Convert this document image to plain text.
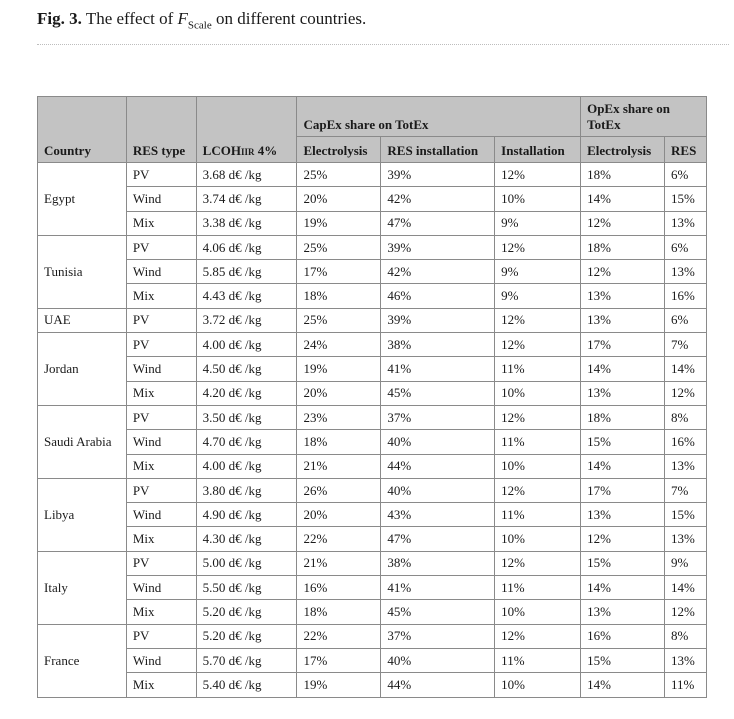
Fig. 3. The effect of $F_{Scale}$ on different countries.
Country	RES type	LCOHIIR 4%	CapEx share on TotEx			OpEx share on TotEx	
			Electrolysis	RES installation	Installation	Electrolysis	RES
Egypt	PV	3.68 d€ /kg	25%	39%	12%	18%	6%
	Wind	3.74 d€ /kg	20%	42%	10%	14%	15%
	Mix	3.38 d€ /kg	19%	47%	9%	12%	13%
Tunisia	PV	4.06 d€ /kg	25%	39%	12%	18%	6%
	Wind	5.85 d€ /kg	17%	42%	9%	12%	13%
	Mix	4.43 d€ /kg	18%	46%	9%	13%	16%
UAE	PV	3.72 d€ /kg	25%	39%	12%	13%	6%
Jordan	PV	4.00 d€ /kg	24%	38%	12%	17%	7%
	Wind	4.50 d€ /kg	19%	41%	11%	14%	14%
	Mix	4.20 d€ /kg	20%	45%	10%	13%	12%
Saudi Arabia	PV	3.50 d€ /kg	23%	37%	12%	18%	8%
	Wind	4.70 d€ /kg	18%	40%	11%	15%	16%
	Mix	4.00 d€ /kg	21%	44%	10%	14%	13%
Libya	PV	3.80 d€ /kg	26%	40%	12%	17%	7%
	Wind	4.90 d€ /kg	20%	43%	11%	13%	15%
	Mix	4.30 d€ /kg	22%	47%	10%	12%	13%
Italy	PV	5.00 d€ /kg	21%	38%	12%	15%	9%
	Wind	5.50 d€ /kg	16%	41%	11%	14%	14%
	Mix	5.20 d€ /kg	18%	45%	10%	13%	12%
France	PV	5.20 d€ /kg	22%	37%	12%	16%	8%
	Wind	5.70 d€ /kg	17%	40%	11%	15%	13%
	Mix	5.40 d€ /kg	19%	44%	10%	14%	11%
